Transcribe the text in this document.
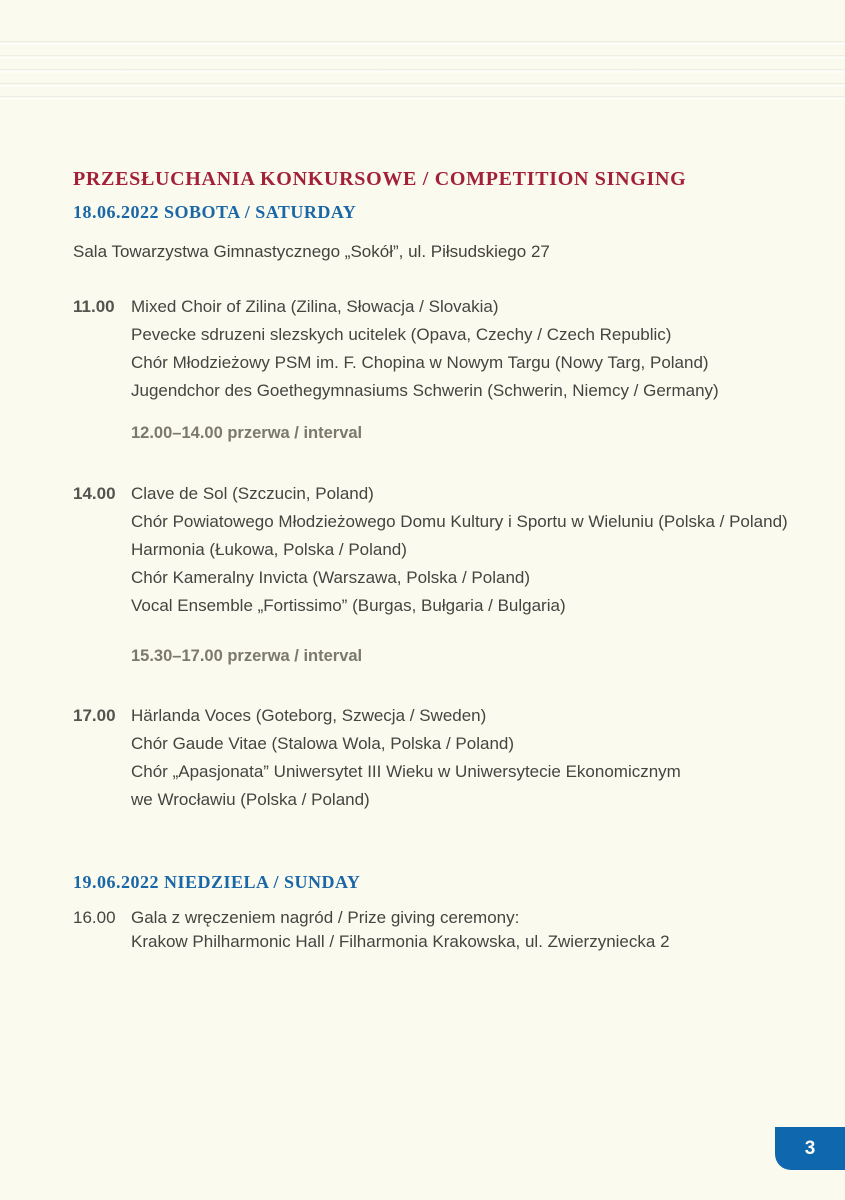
PRZESŁUCHANIA KONKURSOWE / COMPETITION SINGING
18.06.2022 SOBOTA / SATURDAY

Sala Towarzystwa Gimnastycznego „Sokół”, ul. Piłsudskiego 27

11.00 Mixed Choir of Zilina (Zilina, Słowacja / Slovakia)
Pevecke sdruzeni slezskych ucitelek (Opava, Czechy / Czech Republic)
Chór Młodzieżowy PSM im. F. Chopina w Nowym Targu (Nowy Targ, Poland)
Jugendchor des Goethegymnasiums Schwerin (Schwerin, Niemcy / Germany)
12.00–14.00 przerwa / interval
14.00 Clave de Sol (Szczucin, Poland)
Chór Powiatowego Młodzieżowego Domu Kultury i Sportu w Wieluniu (Polska / Poland)
Harmonia (Łukowa, Polska / Poland)
Chór Kameralny Invicta (Warszawa, Polska / Poland)
Vocal Ensemble „Fortissimo” (Burgas, Bułgaria / Bulgaria)
15.30–17.00 przerwa / interval
17.00 Härlanda Voces (Goteborg, Szwecja / Sweden)
Chór Gaude Vitae (Stalowa Wola, Polska / Poland)
Chór „Apasjonata” Uniwersytet III Wieku w Uniwersytecie Ekonomicznym
we Wrocławiu (Polska / Poland)
19.06.2022 NIEDZIELA / SUNDAY
16.00 Gala z wręczeniem nagród / Prize giving ceremony:
Krakow Philharmonic Hall / Filharmonia Krakowska, ul. Zwierzyniecka 2
3
